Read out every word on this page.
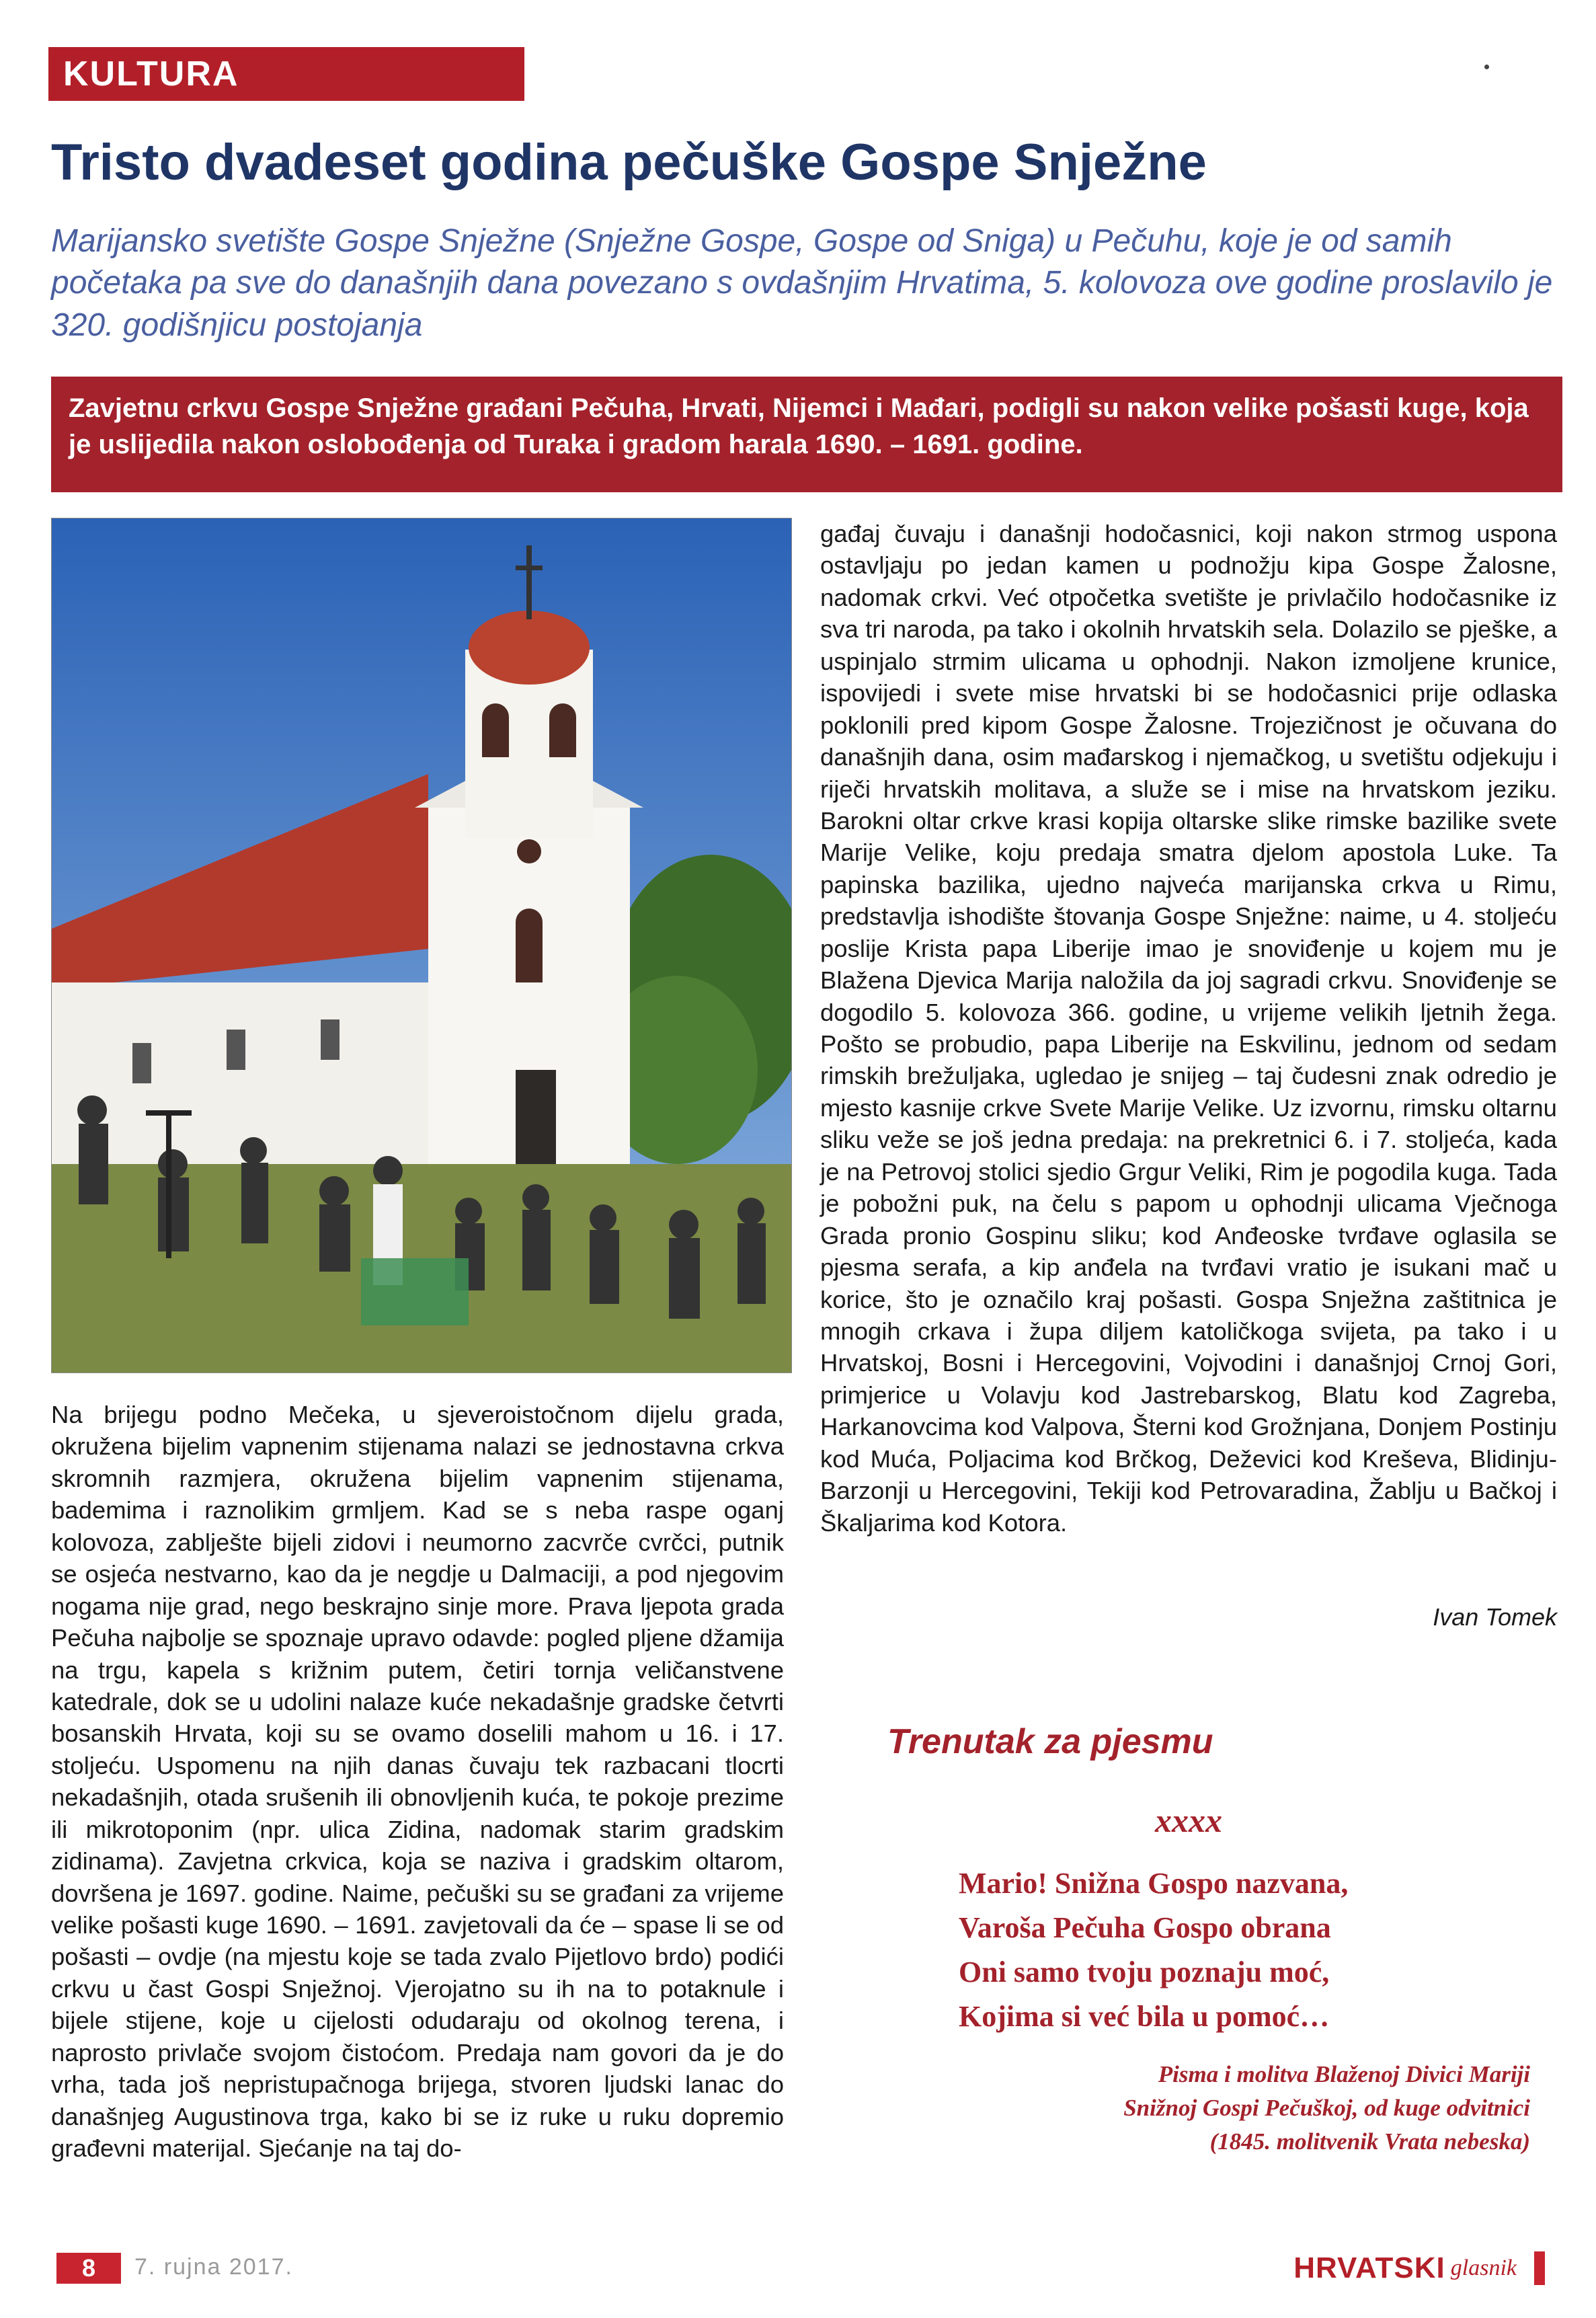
KULTURA
Tristo dvadeset godina pečuške Gospe Snježne

Marijansko svetište Gospe Snježne (Snježne Gospe, Gospe od Sniga) u Pečuhu, koje je od samih početaka pa sve do današnjih dana povezano s ovdašnjim Hrvatima, 5. kolovoza ove godine proslavilo je 320. godišnjicu postojanja

Zavjetnu crkvu Gospe Snježne građani Pečuha, Hrvati, Nijemci i Mađari, podigli su nakon velike pošasti kuge, koja je uslijedila nakon oslobođenja od Turaka i gradom harala 1690. – 1691. godine.

Na brijegu podno Mečeka, u sjeveroistočnom dijelu grada, okružena bijelim vapnenim stijenama nalazi se jednostavna crkva skromnih razmjera, okružena bijelim vapnenim stijenama, bademima i raznolikim grmljem. Kad se s neba raspe oganj kolovoza, zablješte bijeli zidovi i neumorno zacvrče cvrčci, putnik se osjeća nestvarno, kao da je negdje u Dalmaciji, a pod njegovim nogama nije grad, nego beskrajno sinje more. Prava ljepota grada Pečuha najbolje se spoznaje upravo odavde: pogled pljene džamija na trgu, kapela s križnim putem, četiri tornja veličanstvene katedrale, dok se u udolini nalaze kuće nekadašnje gradske četvrti bosanskih Hrvata, koji su se ovamo doselili mahom u 16. i 17. stoljeću. Uspomenu na njih danas čuvaju tek razbacani tlocrti nekadašnjih, otada srušenih ili obnovljenih kuća, te pokoje prezime ili mikrotoponim (npr. ulica Zidina, nadomak starim gradskim zidinama). Zavjetna crkvica, koja se naziva i gradskim oltarom, dovršena je 1697. godine. Naime, pečuški su se građani za vrijeme velike pošasti kuge 1690. – 1691. zavjetovali da će – spase li se od pošasti – ovdje (na mjestu koje se tada zvalo Pijetlovo brdo) podići crkvu u čast Gospi Snježnoj. Vjerojatno su ih na to potaknule i bijele stijene, koje u cijelosti odudaraju od okolnog terena, i naprosto privlače svojom čistoćom. Predaja nam govori da je do vrha, tada još nepristupačnoga brijega, stvoren ljudski lanac do današnjeg Augustinova trga, kako bi se iz ruke u ruku dopremio građevni materijal. Sjećanje na taj do-

gađaj čuvaju i današnji hodočasnici, koji nakon strmog uspona ostavljaju po jedan kamen u podnožju kipa Gospe Žalosne, nadomak crkvi. Već otpočetka svetište je privlačilo hodočasnike iz sva tri naroda, pa tako i okolnih hrvatskih sela. Dolazilo se pješke, a uspinjalo strmim ulicama u ophodnji. Nakon izmoljene krunice, ispovijedi i svete mise hrvatski bi se hodočasnici prije odlaska poklonili pred kipom Gospe Žalosne. Trojezičnost je očuvana do današnjih dana, osim mađarskog i njemačkog, u svetištu odjekuju i riječi hrvatskih molitava, a služe se i mise na hrvatskom jeziku. Barokni oltar crkve krasi kopija oltarske slike rimske bazilike svete Marije Velike, koju predaja smatra djelom apostola Luke. Ta papinska bazilika, ujedno najveća marijanska crkva u Rimu, predstavlja ishodište štovanja Gospe Snježne: naime, u 4. stoljeću poslije Krista papa Liberije imao je snoviđenje u kojem mu je Blažena Djevica Marija naložila da joj sagradi crkvu. Snoviđenje se dogodilo 5. kolovoza 366. godine, u vrijeme velikih ljetnih žega. Pošto se probudio, papa Liberije na Eskvilinu, jednom od sedam rimskih brežuljaka, ugledao je snijeg – taj čudesni znak odredio je mjesto kasnije crkve Svete Marije Velike. Uz izvornu, rimsku oltarnu sliku veže se još jedna predaja: na prekretnici 6. i 7. stoljeća, kada je na Petrovoj stolici sjedio Grgur Veliki, Rim je pogodila kuga. Tada je pobožni puk, na čelu s papom u ophodnji ulicama Vječnoga Grada pronio Gospinu sliku; kod Anđeoske tvrđave oglasila se pjesma serafa, a kip anđela na tvrđavi vratio je isukani mač u korice, što je označilo kraj pošasti. Gospa Snježna zaštitnica je mnogih crkava i župa diljem katoličkoga svijeta, pa tako i u Hrvatskoj, Bosni i Hercegovini, Vojvodini i današnjoj Crnoj Gori, primjerice u Volavju kod Jastrebarskog, Blatu kod Zagreba, Harkanovcima kod Valpova, Šterni kod Grožnjana, Donjem Postinju kod Muća, Poljacima kod Brčkog, Deževici kod Kreševa, Blidinju-Barzonji u Hercegovini, Tekiji kod Petrovaradina, Žablju u Bačkoj i Škaljarima kod Kotora.

Ivan Tomek
Trenutak za pjesmu
xxxx
Mario! Snižna Gospo nazvana,
Varoša Pečuha Gospo obrana
Oni samo tvoju poznaju moć,
Kojima si već bila u pomoć…
Pisma i molitva Blaženoj Divici Mariji
Snižnoj Gospi Pečuškoj, od kuge odvitnici
(1845. molitvenik Vrata nebeska)
8	7. rujna 2017.	HRVATSKI glasnik
